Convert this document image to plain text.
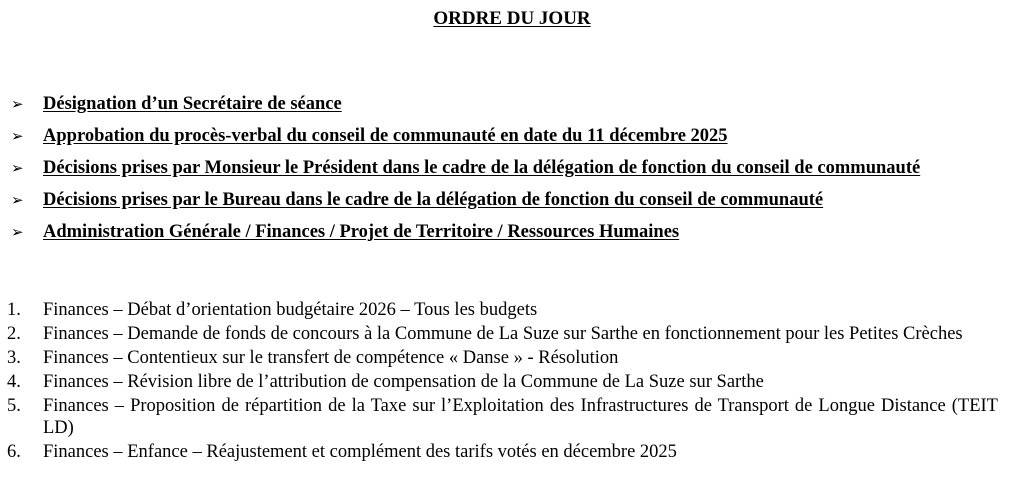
ORDRE DU JOUR
➢ Désignation d’un Secrétaire de séance
➢ Approbation du procès-verbal du conseil de communauté en date du 11 décembre 2025
➢ Décisions prises par Monsieur le Président dans le cadre de la délégation de fonction du conseil de communauté
➢ Décisions prises par le Bureau dans le cadre de la délégation de fonction du conseil de communauté
➢ Administration Générale / Finances / Projet de Territoire / Ressources Humaines
1. Finances – Débat d’orientation budgétaire 2026 – Tous les budgets
2. Finances – Demande de fonds de concours à la Commune de La Suze sur Sarthe en fonctionnement pour les Petites Crèches
3. Finances – Contentieux sur le transfert de compétence « Danse » - Résolution
4. Finances – Révision libre de l’attribution de compensation de la Commune de La Suze sur Sarthe
5. Finances – Proposition de répartition de la Taxe sur l’Exploitation des Infrastructures de Transport de Longue Distance (TEIT LD)
6. Finances – Enfance – Réajustement et complément des tarifs votés en décembre 2025
